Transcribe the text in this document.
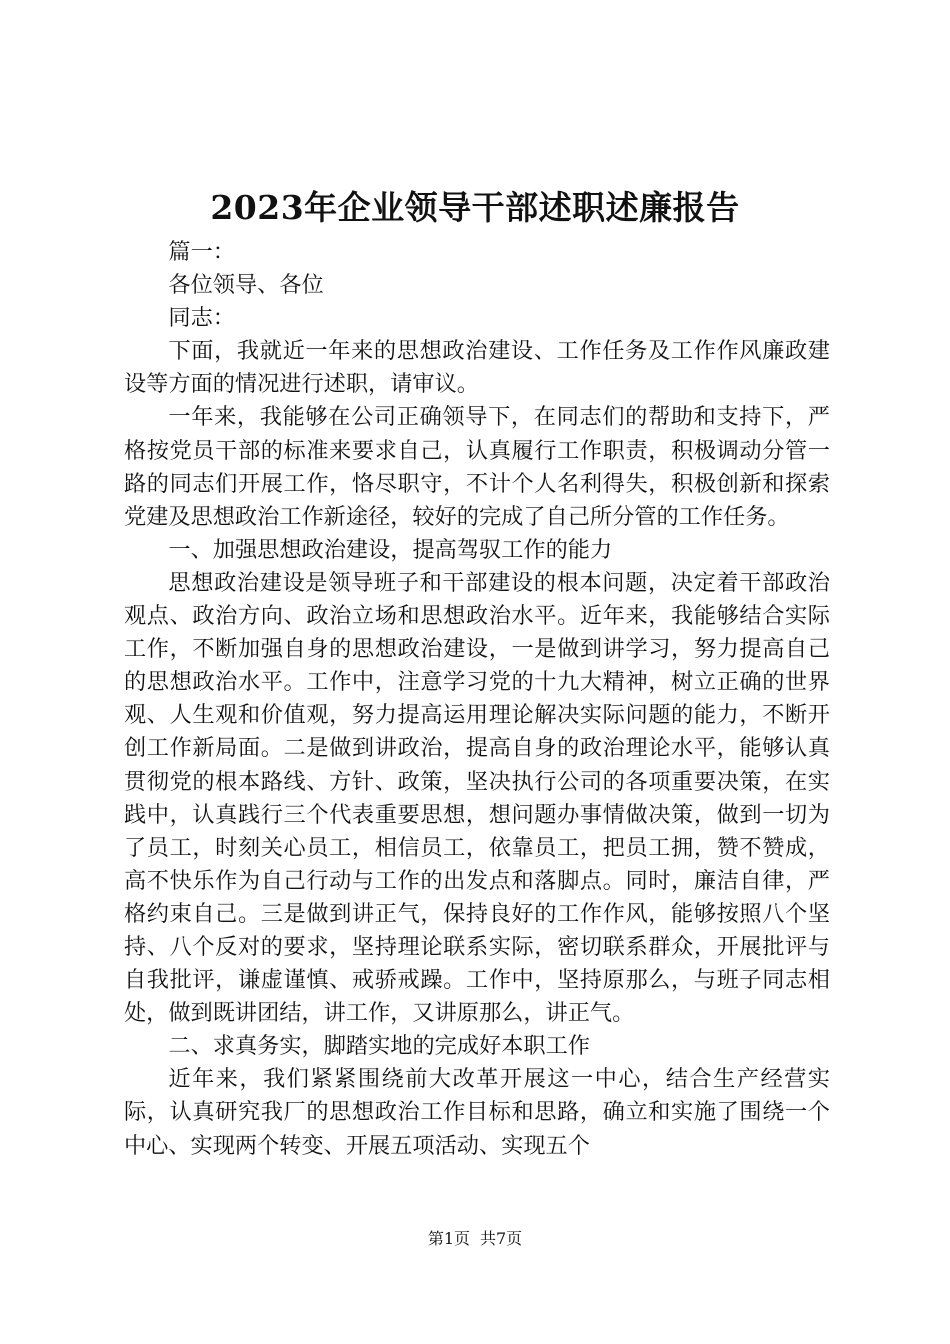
2023年企业领导干部述职述廉报告

篇一：

各位领导、各位

同志：

下面，我就近一年来的思想政治建设、工作任务及工作作风廉政建设等方面的情况进行述职，请审议。

一年来，我能够在公司正确领导下，在同志们的帮助和支持下，严格按党员干部的标准来要求自己，认真履行工作职责，积极调动分管一路的同志们开展工作，恪尽职守，不计个人名利得失，积极创新和探索党建及思想政治工作新途径，较好的完成了自己所分管的工作任务。

一、加强思想政治建设，提高驾驭工作的能力

思想政治建设是领导班子和干部建设的根本问题，决定着干部政治观点、政治方向、政治立场和思想政治水平。近年来，我能够结合实际工作，不断加强自身的思想政治建设，一是做到讲学习，努力提高自己的思想政治水平。工作中，注意学习党的十九大精神，树立正确的世界观、人生观和价值观，努力提高运用理论解决实际问题的能力，不断开创工作新局面。二是做到讲政治，提高自身的政治理论水平，能够认真贯彻党的根本路线、方针、政策，坚决执行公司的各项重要决策，在实践中，认真践行三个代表重要思想，想问题办事情做决策，做到一切为了员工，时刻关心员工，相信员工，依靠员工，把员工拥，赞不赞成，高不快乐作为自己行动与工作的出发点和落脚点。同时，廉洁自律，严格约束自己。三是做到讲正气，保持良好的工作作风，能够按照八个坚持、八个反对的要求，坚持理论联系实际，密切联系群众，开展批评与自我批评，谦虚谨慎、戒骄戒躁。工作中，坚持原那么，与班子同志相处，做到既讲团结，讲工作，又讲原那么，讲正气。

二、求真务实，脚踏实地的完成好本职工作

近年来，我们紧紧围绕前大改革开展这一中心，结合生产经营实际，认真研究我厂的思想政治工作目标和思路，确立和实施了围绕一个中心、实现两个转变、开展五项活动、实现五个

第1页 共7页
